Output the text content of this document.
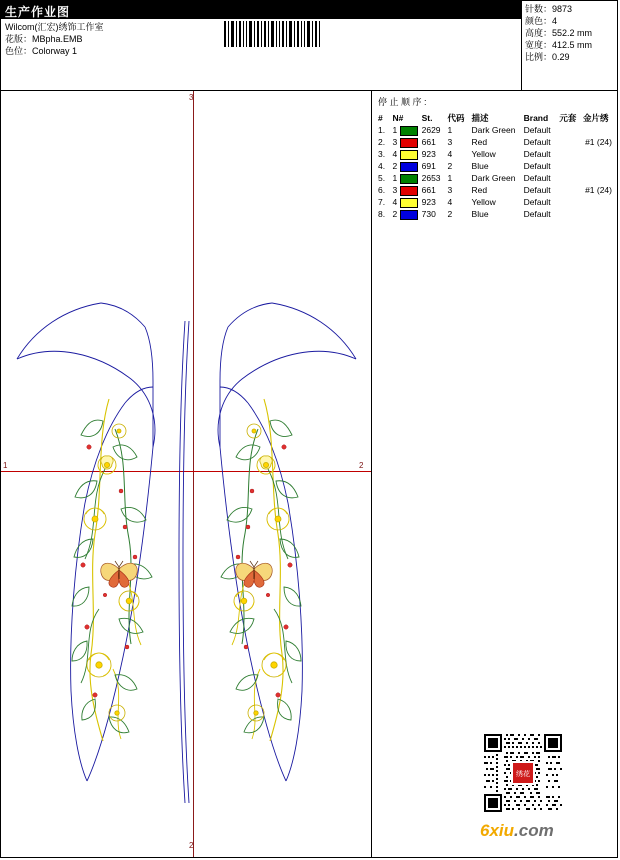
生产作业图
Wilcom(汇宏)绣饰工作室
花版：MBpha.EMB
色位：Colorway 1
针数：9873
颜色：4
高度：552.2 mm
宽度：412.5 mm
比例：0.29
3
2
1	2
停 止 顺 序 :
#	N#	St.	代码	描述	Brand	元套	金片绣
1.	1	2629	1	Dark Green	Default		
2.	3	661	3	Red	Default		#1 (24)
3.	4	923	4	Yellow	Default		
4.	2	691	2	Blue	Default		
5.	1	2653	1	Dark Green	Default		
6.	3	661	3	Red	Default		#1 (24)
7.	4	923	4	Yellow	Default		
8.	2	730	2	Blue	Default		
绣花
6xiu.com
